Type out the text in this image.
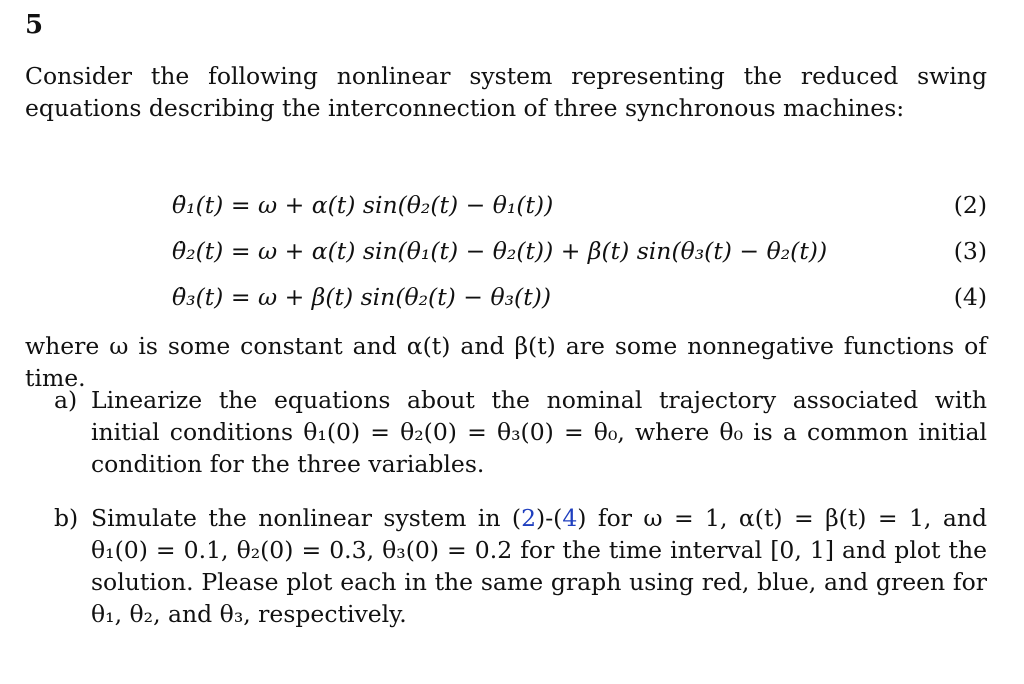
5
Consider the following nonlinear system representing the reduced swing equations describing the interconnection of three synchronous machines:
θ̇₁(t) = ω + α(t) sin(θ₂(t) − θ₁(t))	(2)
θ̇₂(t) = ω + α(t) sin(θ₁(t) − θ₂(t)) + β(t) sin(θ₃(t) − θ₂(t))	(3)
θ̇₃(t) = ω + β(t) sin(θ₂(t) − θ₃(t))	(4)
where ω is some constant and α(t) and β(t) are some nonnegative functions of time.
a) Linearize the equations about the nominal trajectory associated with initial conditions θ₁(0) = θ₂(0) = θ₃(0) = θ₀, where θ₀ is a common initial condition for the three variables.
b) Simulate the nonlinear system in (2)-(4) for ω = 1, α(t) = β(t) = 1, and θ₁(0) = 0.1, θ₂(0) = 0.3, θ₃(0) = 0.2 for the time interval [0, 1] and plot the solution. Please plot each in the same graph using red, blue, and green for θ₁, θ₂, and θ₃, respectively.
